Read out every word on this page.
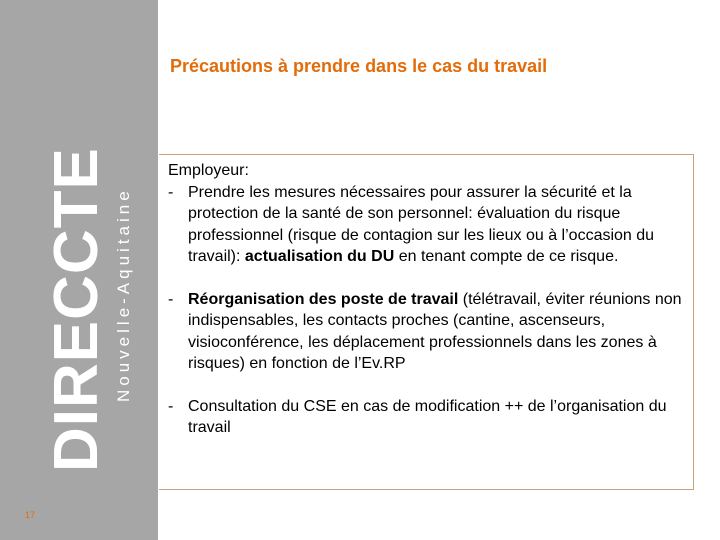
DIRECCTE Nouvelle-Aquitaine
17
Précautions à prendre dans le cas du travail

Employeur:

- Prendre les mesures nécessaires pour assurer la sécurité et la protection de la santé de son personnel: évaluation du risque professionnel (risque de contagion sur les lieux ou à l’occasion du travail): actualisation du DU en tenant compte de ce risque.
- Réorganisation des poste de travail (télétravail, éviter réunions non indispensables, les contacts proches (cantine, ascenseurs, visioconférence, les déplacement professionnels dans les zones à risques) en fonction de l’Ev.RP
- Consultation du CSE en cas de modification ++ de l’organisation du travail
